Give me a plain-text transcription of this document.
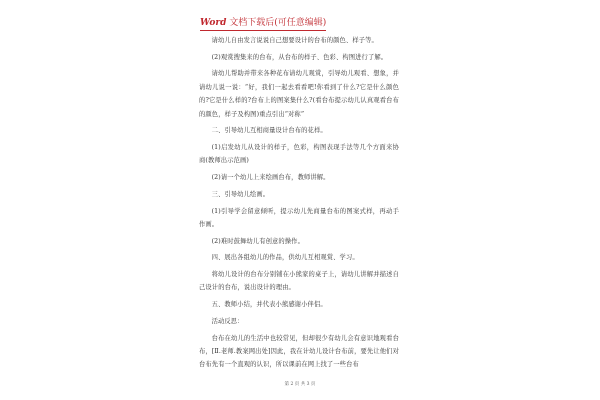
Word 文档下载后(可任意编辑)

请幼儿自由发言说说自己想要设计的台布的颜色、样子等。

(2)观赏搜集来的台布，从台布的样子、色彩、构图进行了解。

请幼儿帮助并带来各种花布请幼儿观赏，引导幼儿观看、想象，并请幼儿说一说：“好，我们一起去看看吧!你看到了什么?它是什么颜色的?它是什么样的?台布上的图案集什么?(看台布提示幼儿认真观看台布的颜色，样子及构图)重点引出“对称”

二、引导幼儿互相商量设计台布的花样。

(1)启发幼儿从设计的样子，色彩，构图表现手法等几个方面来协商(教师出示范画)

(2)请一个幼儿上来绘画台布，教师讲解。

三、引导幼儿绘画。

(1)引导学会留意倾听，提示幼儿先商量台布的图案式样，再动手作画。

(2)难时鼓舞幼儿有创意的操作。

四、展出各组幼儿的作品，供幼儿互相观赏、学习。

将幼儿设计的台布分别铺在小熊家的桌子上，请幼儿讲解并描述自己设计的台布，说出设计的理由。

五、教师小结，并代表小熊感谢小伴侣。

活动反思：

台布在幼儿的生活中也较常见，但却很少有幼儿会有意识地观看台布，[Ⅱ.老师.教案网出处]因此，我在计幼儿设计台布前，要先让他们对台布先有一个直观的认识，所以课前在网上找了一些台布

第 2 页 共 3 页
